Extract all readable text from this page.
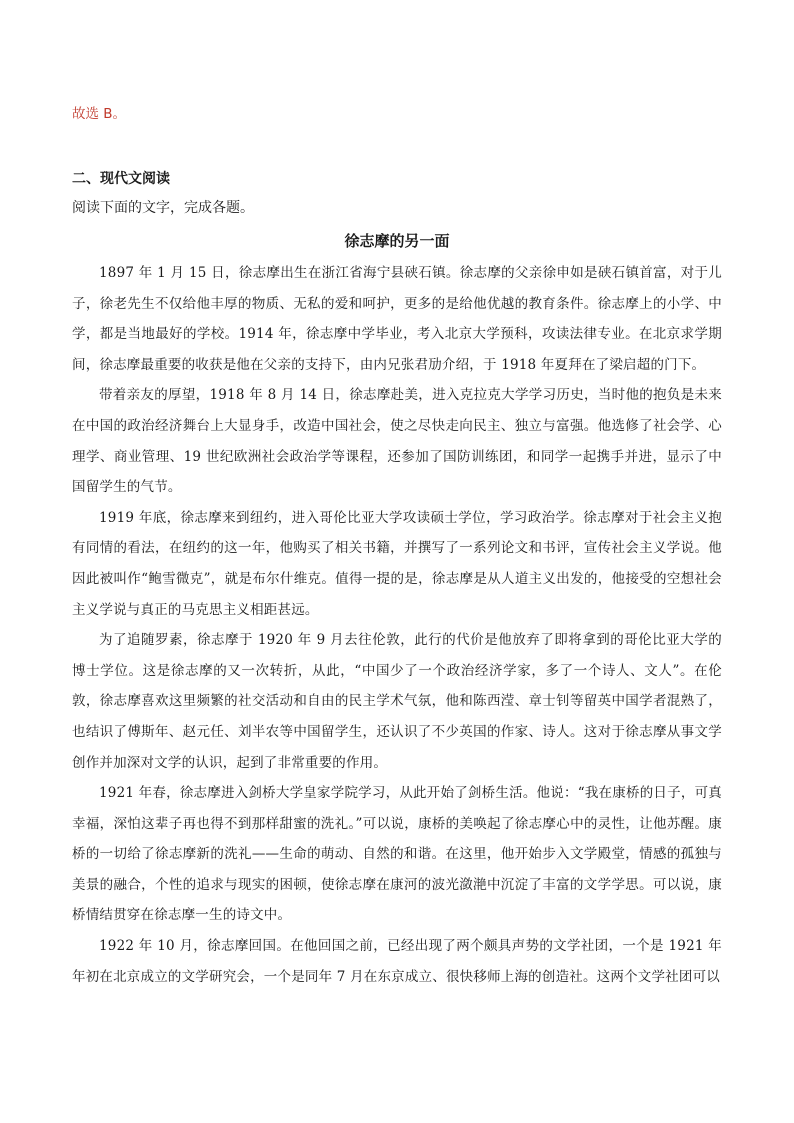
故选 B。
二、现代文阅读
阅读下面的文字，完成各题。
徐志摩的另一面

1897 年 1 月 15 日，徐志摩出生在浙江省海宁县硖石镇。徐志摩的父亲徐申如是硖石镇首富，对于儿子，徐老先生不仅给他丰厚的物质、无私的爱和呵护，更多的是给他优越的教育条件。徐志摩上的小学、中学，都是当地最好的学校。1914 年，徐志摩中学毕业，考入北京大学预科，攻读法律专业。在北京求学期间，徐志摩最重要的收获是他在父亲的支持下，由内兄张君劢介绍，于 1918 年夏拜在了梁启超的门下。

带着亲友的厚望，1918 年 8 月 14 日，徐志摩赴美，进入克拉克大学学习历史，当时他的抱负是未来在中国的政治经济舞台上大显身手，改造中国社会，使之尽快走向民主、独立与富强。他选修了社会学、心理学、商业管理、19 世纪欧洲社会政治学等课程，还参加了国防训练团，和同学一起携手并进，显示了中国留学生的气节。

1919 年底，徐志摩来到纽约，进入哥伦比亚大学攻读硕士学位，学习政治学。徐志摩对于社会主义抱有同情的看法，在纽约的这一年，他购买了相关书籍，并撰写了一系列论文和书评，宣传社会主义学说。他因此被叫作“鲍雪微克”，就是布尔什维克。值得一提的是，徐志摩是从人道主义出发的，他接受的空想社会主义学说与真正的马克思主义相距甚远。

为了追随罗素，徐志摩于 1920 年 9 月去往伦敦，此行的代价是他放弃了即将拿到的哥伦比亚大学的博士学位。这是徐志摩的又一次转折，从此，“中国少了一个政治经济学家，多了一个诗人、文人”。在伦敦，徐志摩喜欢这里频繁的社交活动和自由的民主学术气氛，他和陈西滢、章士钊等留英中国学者混熟了，也结识了傅斯年、赵元任、刘半农等中国留学生，还认识了不少英国的作家、诗人。这对于徐志摩从事文学创作并加深对文学的认识，起到了非常重要的作用。

1921 年春，徐志摩进入剑桥大学皇家学院学习，从此开始了剑桥生活。他说：“我在康桥的日子，可真幸福，深怕这辈子再也得不到那样甜蜜的洗礼。”可以说，康桥的美唤起了徐志摩心中的灵性，让他苏醒。康桥的一切给了徐志摩新的洗礼——生命的萌动、自然的和谐。在这里，他开始步入文学殿堂，情感的孤独与美景的融合，个性的追求与现实的困顿，使徐志摩在康河的波光潋滟中沉淀了丰富的文学学思。可以说，康桥情结贯穿在徐志摩一生的诗文中。

1922 年 10 月，徐志摩回国。在他回国之前，已经出现了两个颇具声势的文学社团，一个是 1921 年年初在北京成立的文学研究会，一个是同年 7 月在东京成立、很快移师上海的创造社。这两个文学社团可以
